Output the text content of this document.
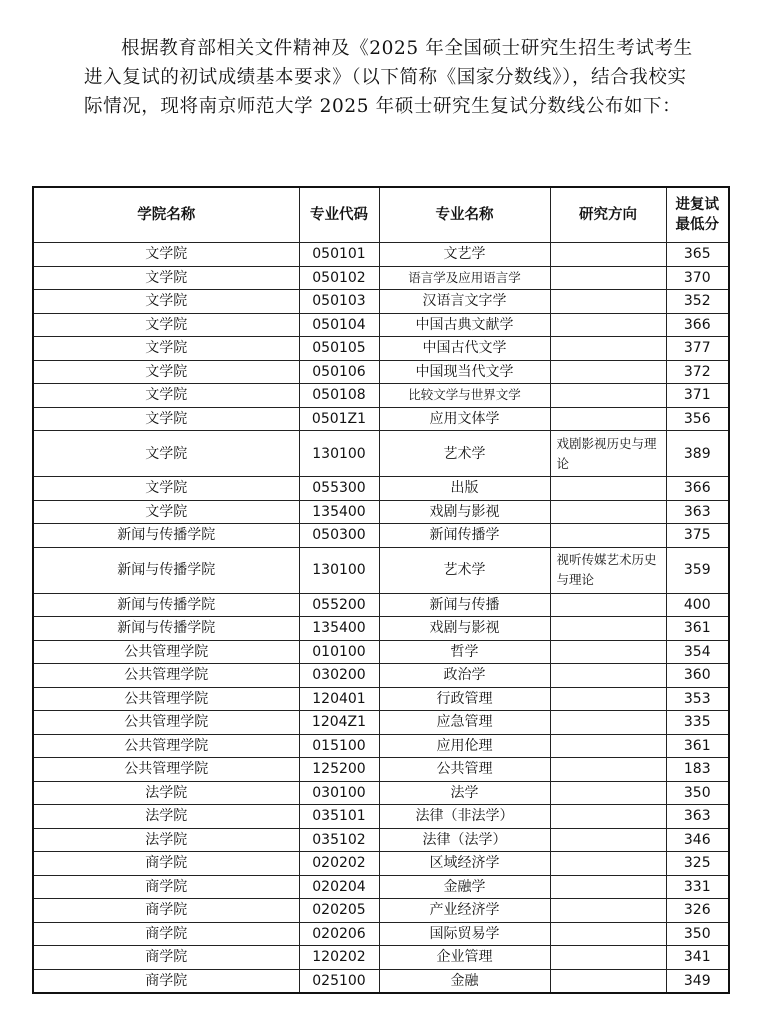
根据教育部相关文件精神及《2025 年全国硕士研究生招生考试考生进入复试的初试成绩基本要求》（以下简称《国家分数线》），结合我校实际情况，现将南京师范大学 2025 年硕士研究生复试分数线公布如下：

学院名称	专业代码	专业名称	研究方向	进复试
最低分
文学院	050101	文艺学		365
文学院	050102	语言学及应用语言学		370
文学院	050103	汉语言文字学		352
文学院	050104	中国古典文献学		366
文学院	050105	中国古代文学		377
文学院	050106	中国现当代文学		372
文学院	050108	比较文学与世界文学		371
文学院	0501Z1	应用文体学		356
文学院	130100	艺术学	戏剧影视历史与理论	389
文学院	055300	出版		366
文学院	135400	戏剧与影视		363
新闻与传播学院	050300	新闻传播学		375
新闻与传播学院	130100	艺术学	视听传媒艺术历史与理论	359
新闻与传播学院	055200	新闻与传播		400
新闻与传播学院	135400	戏剧与影视		361
公共管理学院	010100	哲学		354
公共管理学院	030200	政治学		360
公共管理学院	120401	行政管理		353
公共管理学院	1204Z1	应急管理		335
公共管理学院	015100	应用伦理		361
公共管理学院	125200	公共管理		183
法学院	030100	法学		350
法学院	035101	法律（非法学）		363
法学院	035102	法律（法学）		346
商学院	020202	区域经济学		325
商学院	020204	金融学		331
商学院	020205	产业经济学		326
商学院	020206	国际贸易学		350
商学院	120202	企业管理		341
商学院	025100	金融		349
